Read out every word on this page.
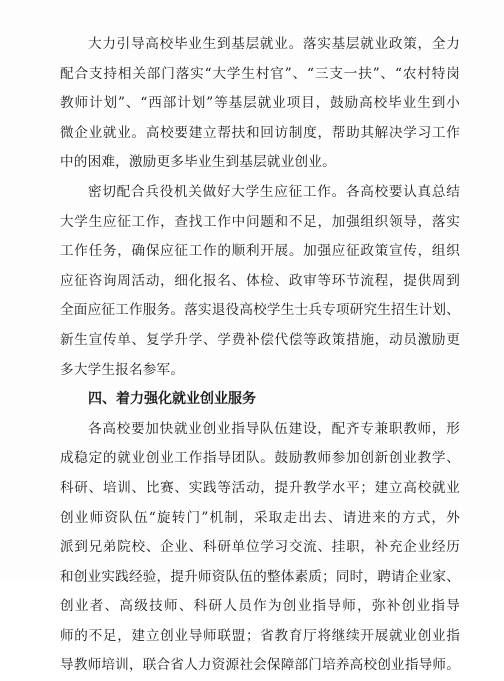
大力引导高校毕业生到基层就业。落实基层就业政策，全力
配合支持相关部门落实“大学生村官”、“三支一扶”、“农村特岗
教师计划”、“西部计划”等基层就业项目，鼓励高校毕业生到小
微企业就业。高校要建立帮扶和回访制度，帮助其解决学习工作
中的困难，激励更多毕业生到基层就业创业。
密切配合兵役机关做好大学生应征工作。各高校要认真总结
大学生应征工作，查找工作中问题和不足，加强组织领导，落实
工作任务，确保应征工作的顺利开展。加强应征政策宣传，组织
应征咨询周活动，细化报名、体检、政审等环节流程，提供周到
全面应征工作服务。落实退役高校学生士兵专项研究生招生计划、
新生宣传单、复学升学、学费补偿代偿等政策措施，动员激励更
多大学生报名参军。
四、着力强化就业创业服务
各高校要加快就业创业指导队伍建设，配齐专兼职教师，形
成稳定的就业创业工作指导团队。鼓励教师参加创新创业教学、
科研、培训、比赛、实践等活动，提升教学水平；建立高校就业
创业师资队伍“旋转门”机制，采取走出去、请进来的方式，外
派到兄弟院校、企业、科研单位学习交流、挂职，补充企业经历
和创业实践经验，提升师资队伍的整体素质；同时，聘请企业家、
创业者、高级技师、科研人员作为创业指导师，弥补创业指导
师的不足，建立创业导师联盟；省教育厅将继续开展就业创业指
导教师培训，联合省人力资源社会保障部门培养高校创业指导师。
